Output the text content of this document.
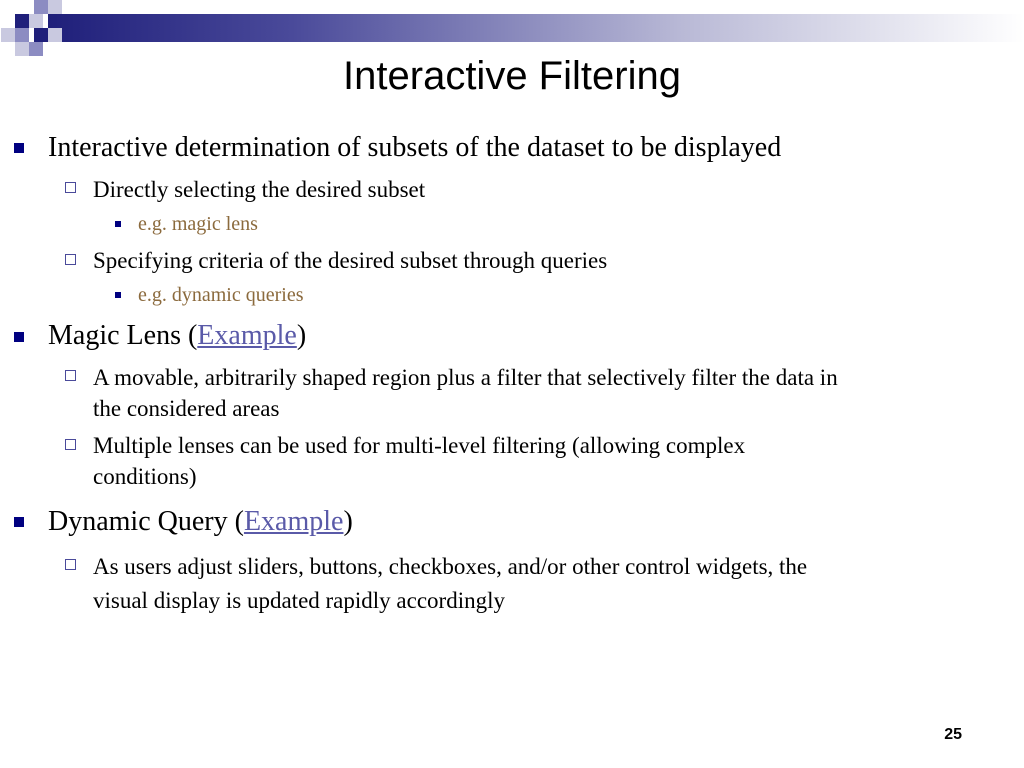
Interactive Filtering
Interactive determination of subsets of the dataset to be displayed
Directly selecting the desired subset
e.g. magic lens
Specifying criteria of the desired subset through queries
e.g. dynamic queries
Magic Lens (Example)
A movable, arbitrarily shaped region plus a filter that selectively filter the data in
the considered areas
Multiple lenses can be used for multi-level filtering (allowing complex
conditions)
Dynamic Query (Example)
As users adjust sliders, buttons, checkboxes, and/or other control widgets, the
visual display is updated rapidly accordingly
25
